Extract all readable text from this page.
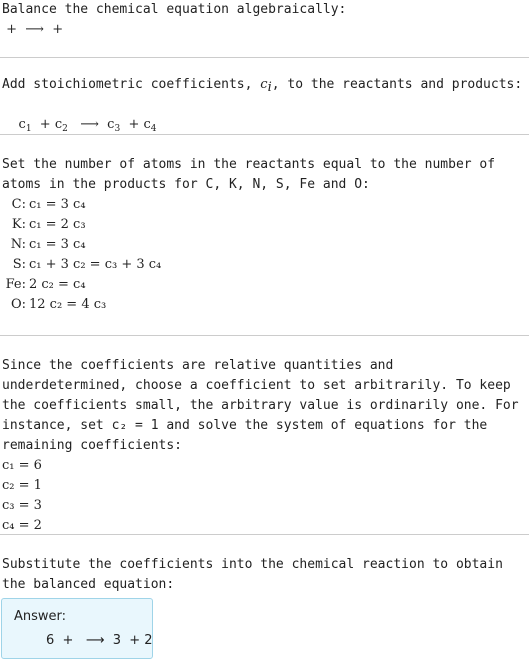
Balance the chemical equation algebraically:
+  ⟶  +
Add stoichiometric coefficients, $c_i$, to the reactants and products:

$c_1 + c_2$   ⟶  $c_3 + c_4$

Set the number of atoms in the reactants equal to the number of atoms in the products for C, K, N, S, Fe and O:
C: c₁ = 3 c₄
K: c₁ = 2 c₃
N: c₁ = 3 c₄
S: c₁ + 3 c₂ = c₃ + 3 c₄
Fe: 2 c₂ = c₄
O: 12 c₂ = 4 c₃
Since the coefficients are relative quantities and underdetermined, choose a coefficient to set arbitrarily. To keep the coefficients small, the arbitrary value is ordinarily one. For instance, set c₂ = 1 and solve the system of equations for the remaining coefficients:
c₁ = 6
c₂ = 1
c₃ = 3
c₄ = 2
Substitute the coefficients into the chemical reaction to obtain the balanced equation:
Answer:
6  +   ⟶  3  + 2
